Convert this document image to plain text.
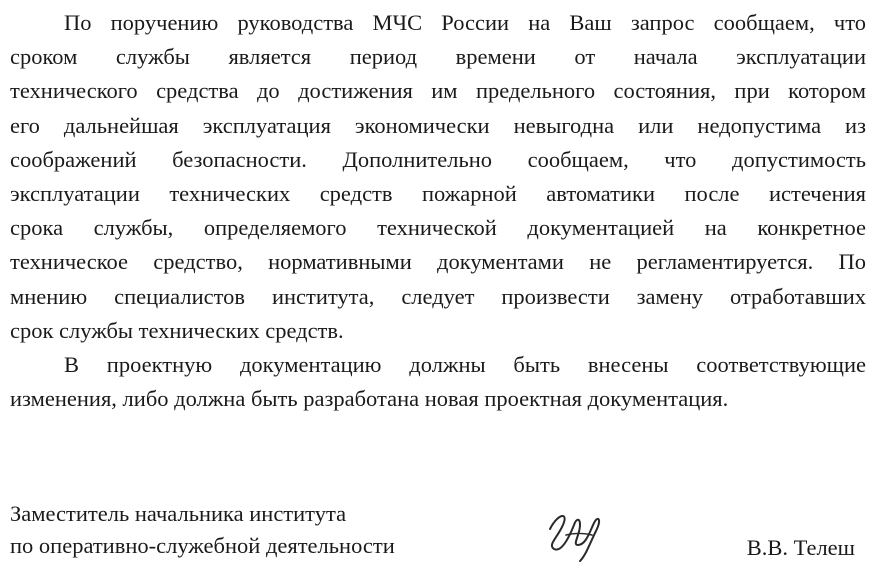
По поручению руководства МЧС России на Ваш запрос сообщаем, что
сроком службы является период времени от начала эксплуатации
технического средства до достижения им предельного состояния, при котором
его дальнейшая эксплуатация экономически невыгодна или недопустима из
соображений безопасности. Дополнительно сообщаем, что допустимость
эксплуатации технических средств пожарной автоматики после истечения
срока службы, определяемого технической документацией на конкретное
техническое средство, нормативными документами не регламентируется. По
мнению специалистов института, следует произвести замену отработавших
срок службы технических средств.
В проектную документацию должны быть внесены соответствующие
изменения, либо должна быть разработана новая проектная документация.
Заместитель начальника института
по оперативно-служебной деятельности	В.В. Телеш
